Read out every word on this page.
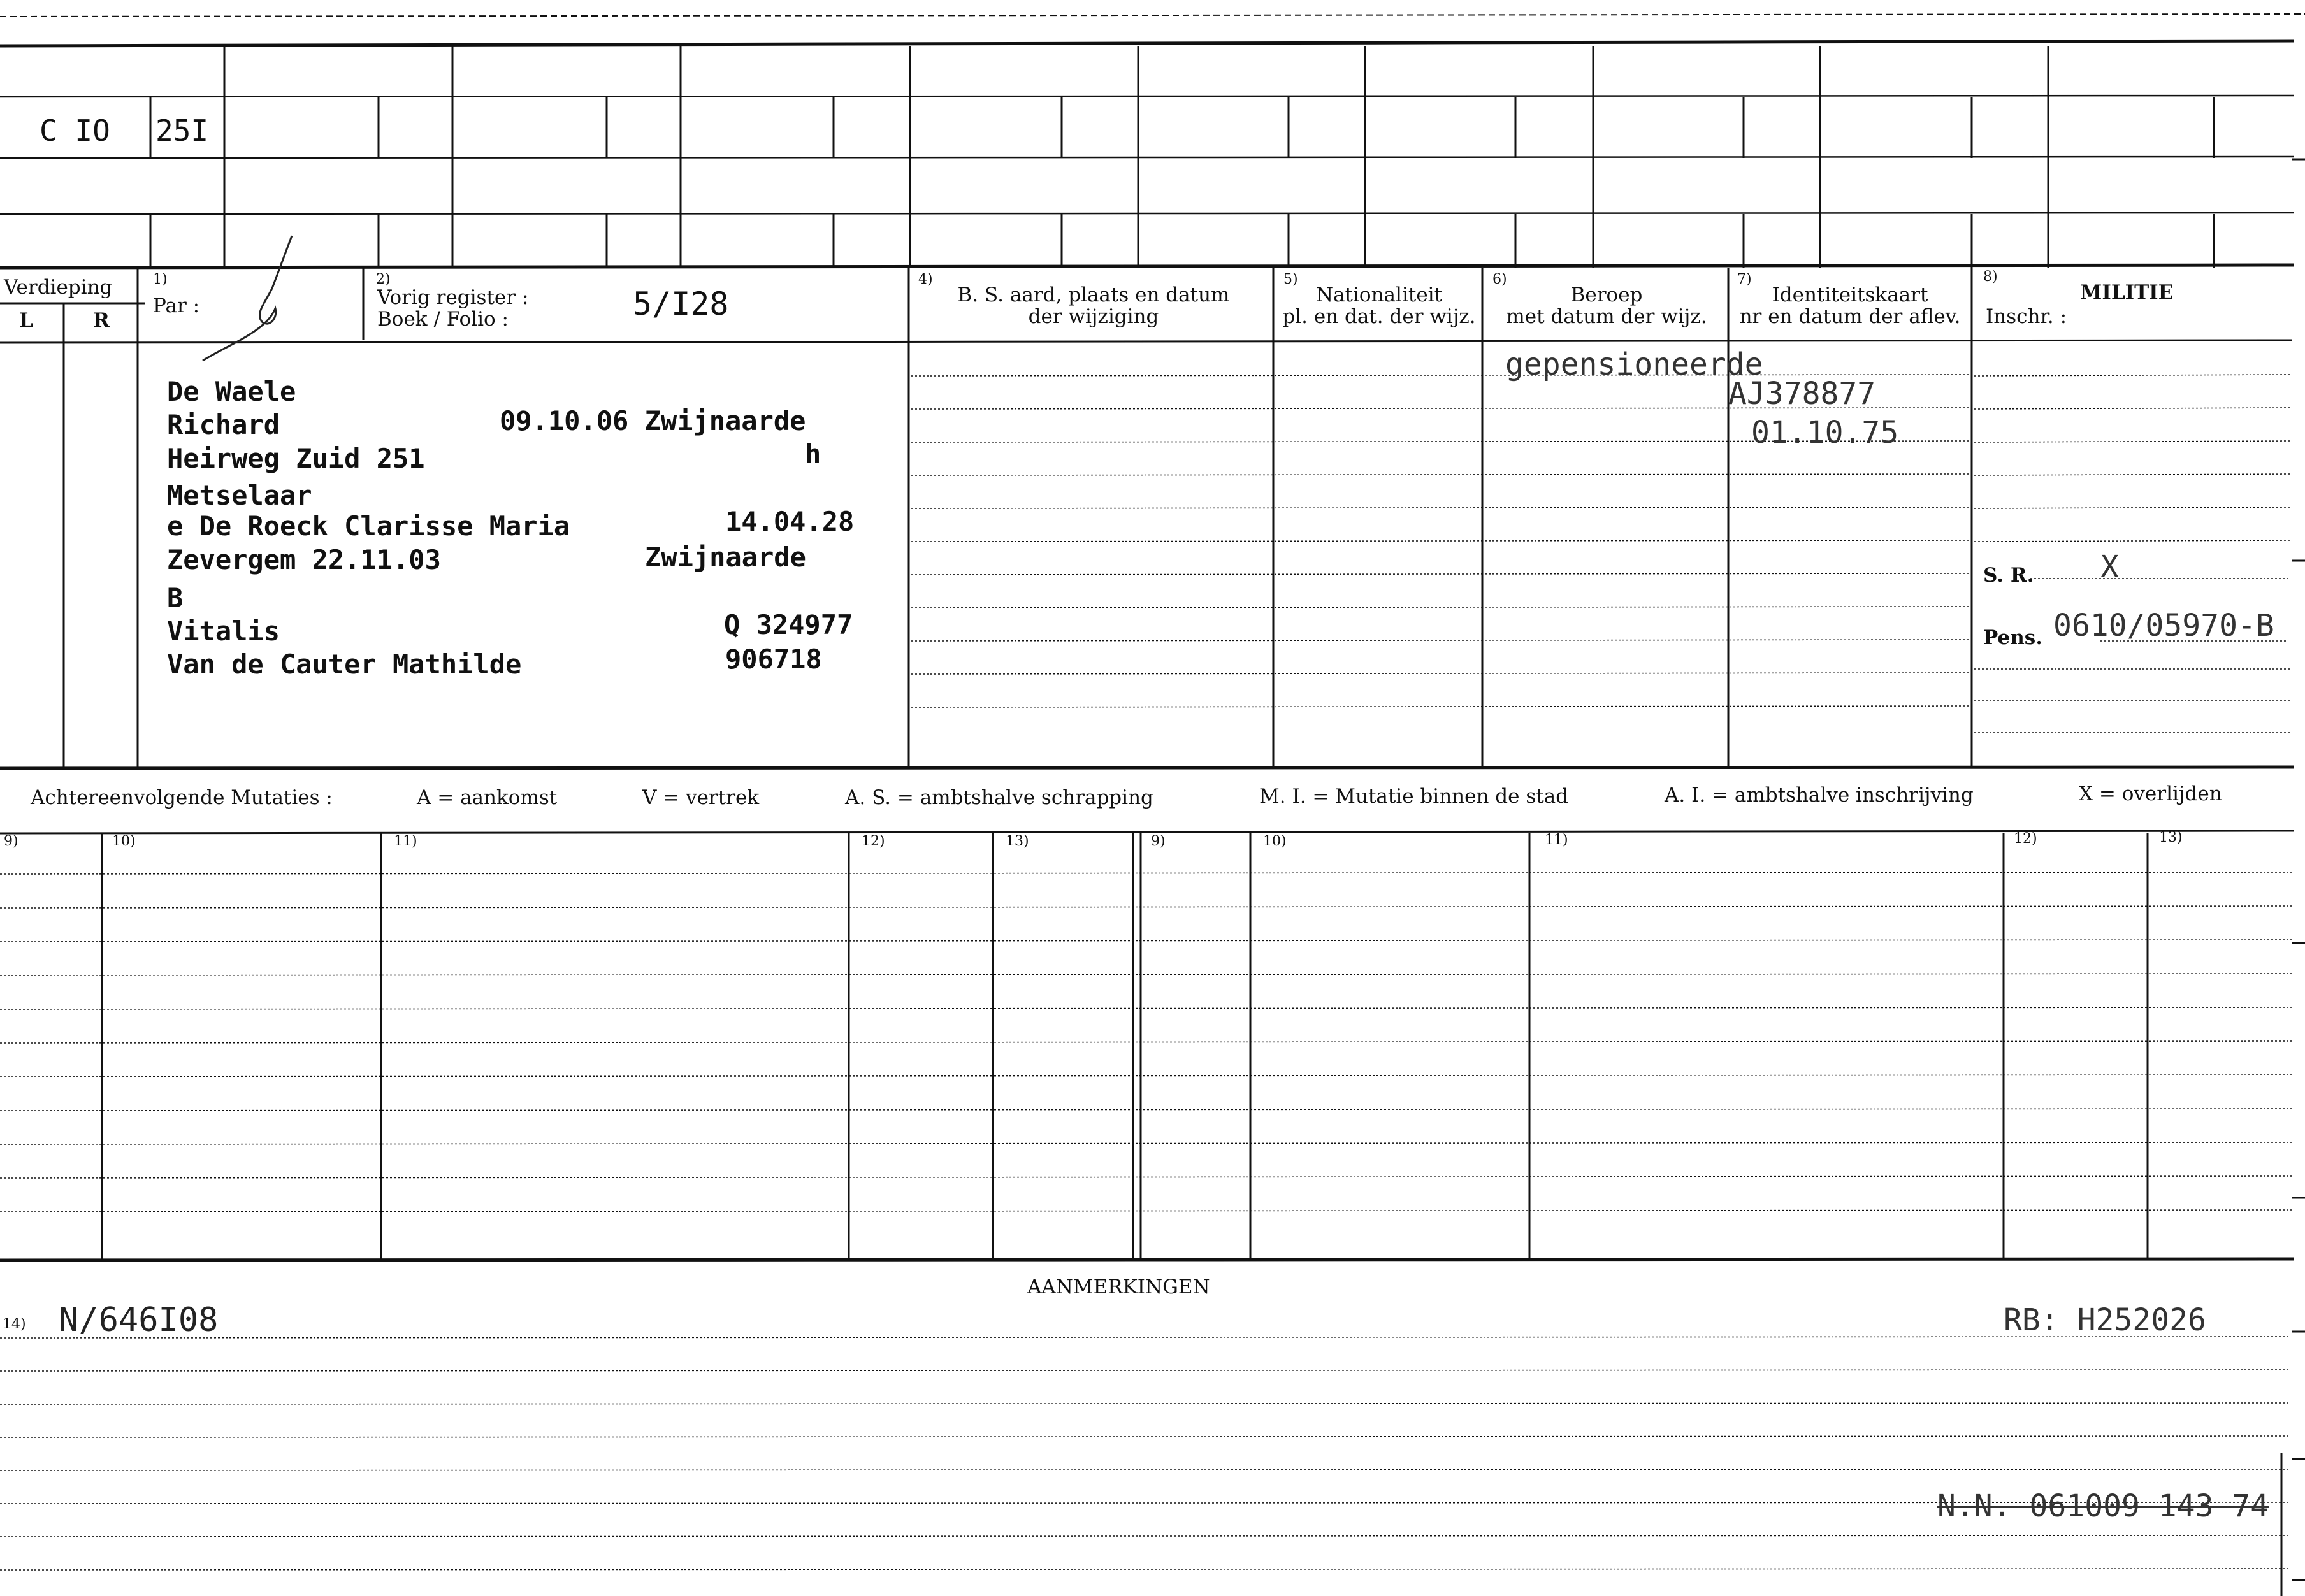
C IO 25I
Verdieping
L	R
1)
Par :
2)
Vorig register :
Boek / Folio :	5/I28
4)
B. S. aard, plaats en datum
der wijziging
5)
Nationaliteit
pl. en dat. der wijz.
6)
Beroep
met datum der wijz.
7)
Identiteitskaart
nr en datum der aflev.
8)
MILITIE
Inschr. :
De Waele
Richard	09.10.06 Zwijnaarde
Heirweg Zuid 251	h
Metselaar
e De Roeck Clarisse Maria	14.04.28
Zevergem 22.11.03	Zwijnaarde
B
Vitalis	Q 324977
Van de Cauter Mathilde	906718
gepensioneerde
AJ378877
01.10.75
S. R. X
Pens. 0610/05970-B
Achtereenvolgende Mutaties :	A = aankomst	V = vertrek	A. S. = ambtshalve schrapping	M. I. = Mutatie binnen de stad	A. I. = ambtshalve inschrijving	X = overlijden
9)	10)	11)	12)	13)	9)	10)	11)	12)	13)
AANMERKINGEN
14) N/646I08	RB: H252026
N.N. 061009 143 74
